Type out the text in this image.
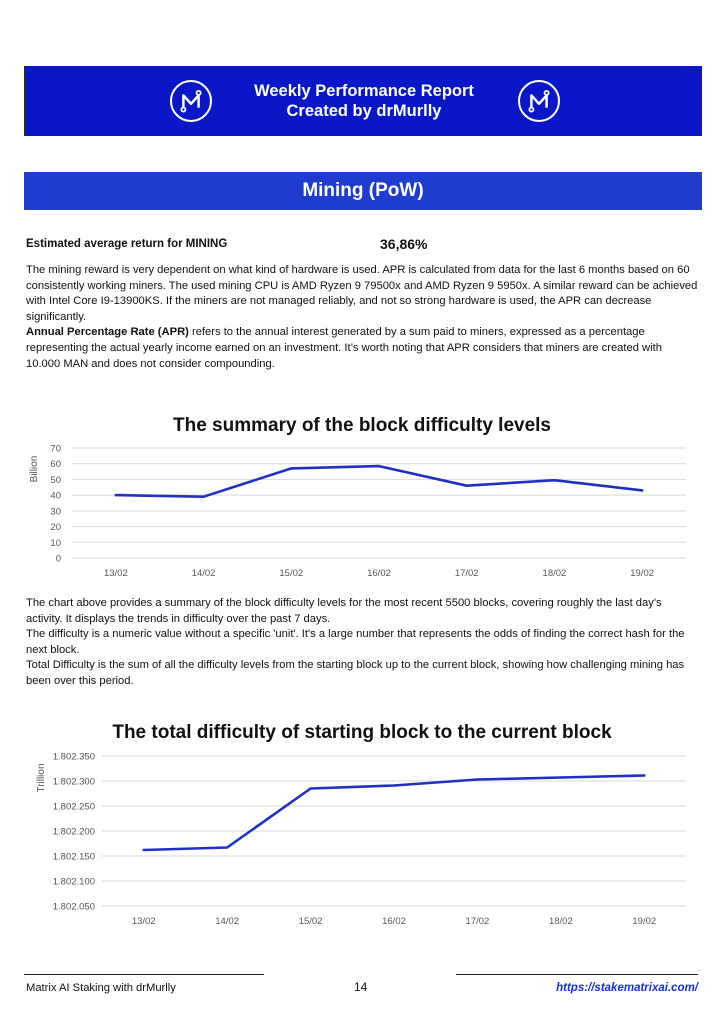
Weekly Performance Report
Created by drMurlly
Mining (PoW)
Estimated average return for MINING	36,86%

The mining reward is very dependent on what kind of hardware is used. APR is calculated from data for the last 6 months based on 60 consistently working miners. The used mining CPU is AMD Ryzen 9 79500x and AMD Ryzen 9 5950x. A similar reward can be achieved with Intel Core I9-13900KS. If the miners are not managed reliably, and not so strong hardware is used, the APR can decrease significantly.

Annual Percentage Rate (APR) refers to the annual interest generated by a sum paid to miners, expressed as a percentage representing the actual yearly income earned on an investment. It’s worth noting that APR considers that miners are created with 10.000 MAN and does not consider compounding.

The summary of the block difficulty levels
Billion
0
10
20
30
40
50
60
70
13/02	14/02	15/02	16/02	17/02	18/02	19/02

The chart above provides a summary of the block difficulty levels for the most recent 5500 blocks, covering roughly the last day's activity. It displays the trends in difficulty over the past 7 days.

The difficulty is a numeric value without a specific 'unit'. It's a large number that represents the odds of finding the correct hash for the next block.

Total Difficulty is the sum of all the difficulty levels from the starting block up to the current block, showing how challenging mining has been over this period.

The total difficulty of starting block to the current block
Trillion
1.802.050
1.802.100
1.802.150
1.802.200
1.802.250
1.802.300
1.802.350
13/02	14/02	15/02	16/02	17/02	18/02	19/02
Matrix AI Staking with drMurlly	14	https://stakematrixai.com/
